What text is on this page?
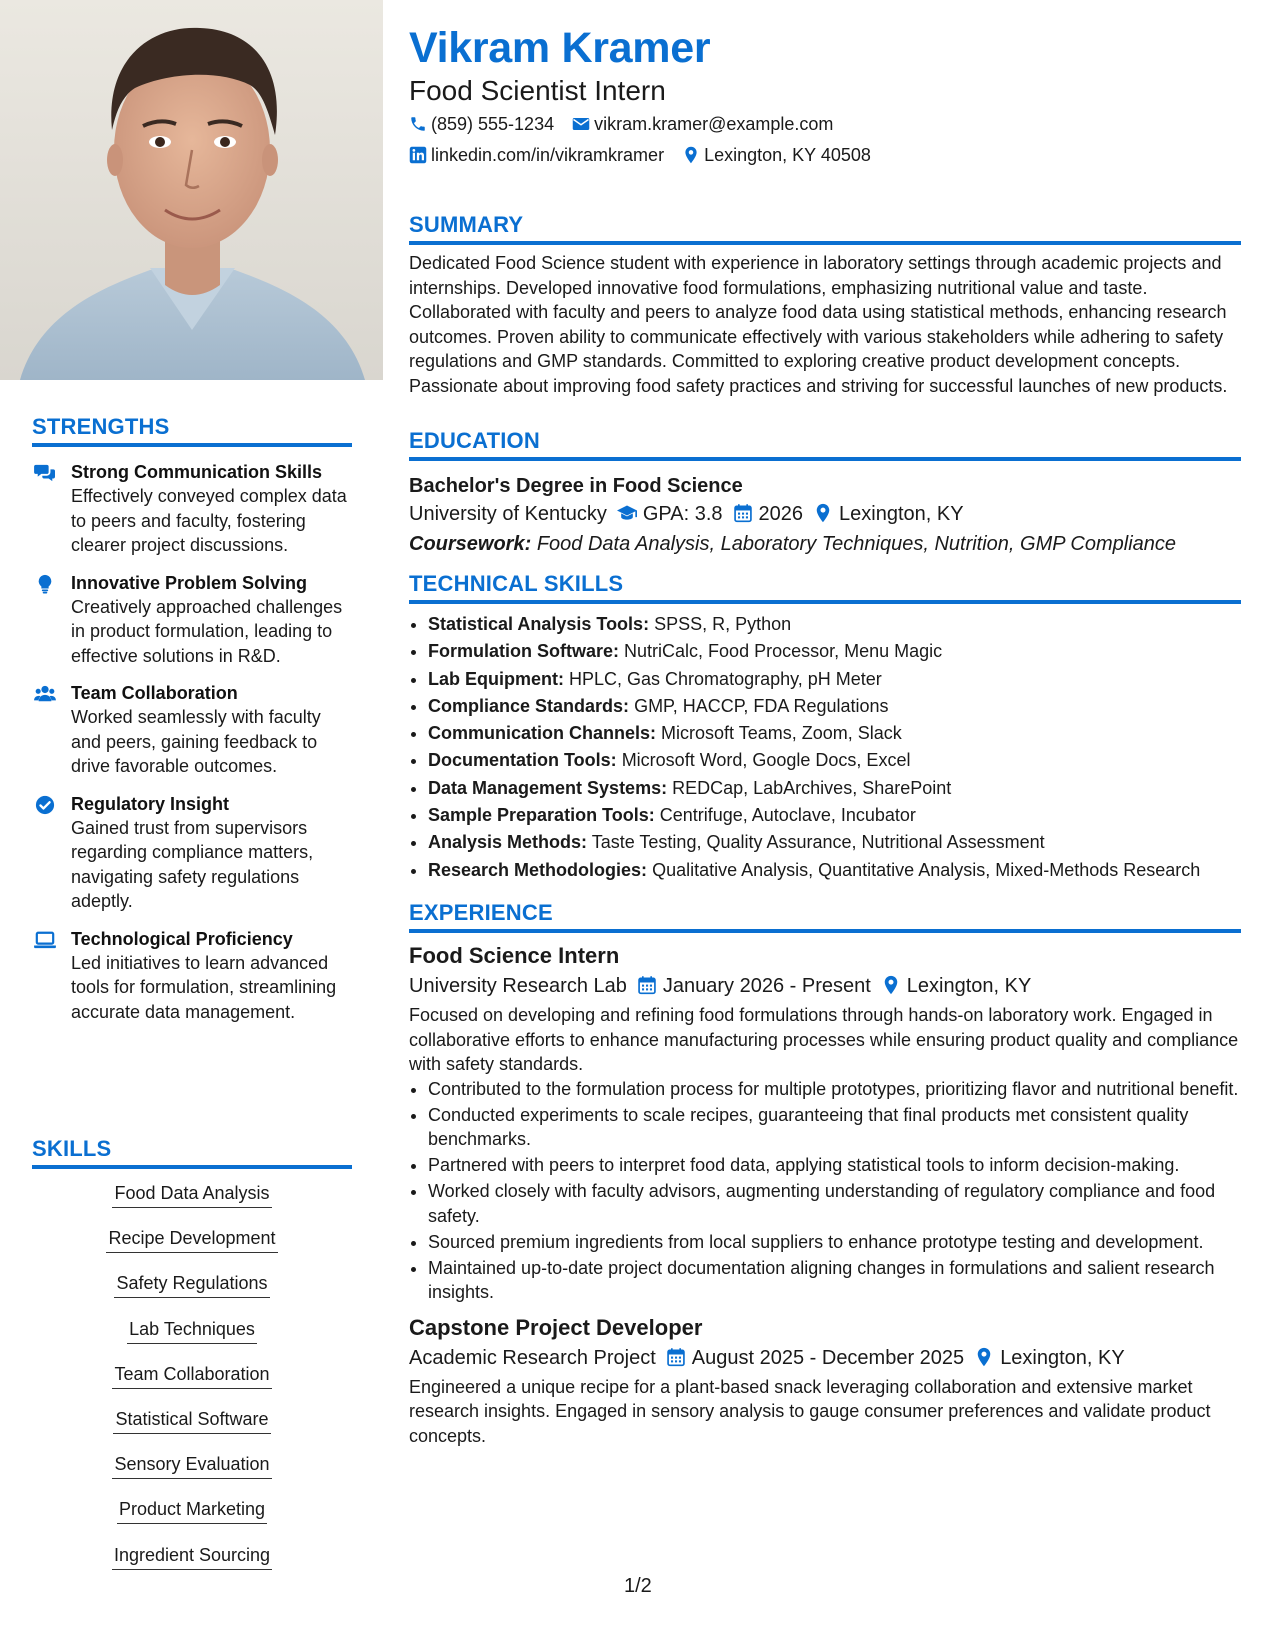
STRENGTHS
Strong Communication Skills
Effectively conveyed complex data to peers and faculty, fostering clearer project discussions.
Innovative Problem Solving
Creatively approached challenges in product formulation, leading to effective solutions in R&D.
Team Collaboration
Worked seamlessly with faculty and peers, gaining feedback to drive favorable outcomes.
Regulatory Insight
Gained trust from supervisors regarding compliance matters, navigating safety regulations adeptly.
Technological Proficiency
Led initiatives to learn advanced tools for formulation, streamlining accurate data management.
SKILLS
Food Data Analysis
Recipe Development
Safety Regulations
Lab Techniques
Team Collaboration
Statistical Software
Sensory Evaluation
Product Marketing
Ingredient Sourcing
Vikram Kramer
Food Scientist Intern
(859) 555-1234 vikram.kramer@example.com
linkedin.com/in/vikramkramer Lexington, KY 40508
SUMMARY
Dedicated Food Science student with experience in laboratory settings through academic projects and internships. Developed innovative food formulations, emphasizing nutritional value and taste. Collaborated with faculty and peers to analyze food data using statistical methods, enhancing research outcomes. Proven ability to communicate effectively with various stakeholders while adhering to safety regulations and GMP standards. Committed to exploring creative product development concepts. Passionate about improving food safety practices and striving for successful launches of new products.
EDUCATION
Bachelor's Degree in Food Science
University of Kentucky GPA: 3.8 2026 Lexington, KY
Coursework: Food Data Analysis, Laboratory Techniques, Nutrition, GMP Compliance
TECHNICAL SKILLS
• Statistical Analysis Tools: SPSS, R, Python
• Formulation Software: NutriCalc, Food Processor, Menu Magic
• Lab Equipment: HPLC, Gas Chromatography, pH Meter
• Compliance Standards: GMP, HACCP, FDA Regulations
• Communication Channels: Microsoft Teams, Zoom, Slack
• Documentation Tools: Microsoft Word, Google Docs, Excel
• Data Management Systems: REDCap, LabArchives, SharePoint
• Sample Preparation Tools: Centrifuge, Autoclave, Incubator
• Analysis Methods: Taste Testing, Quality Assurance, Nutritional Assessment
• Research Methodologies: Qualitative Analysis, Quantitative Analysis, Mixed-Methods Research
EXPERIENCE
Food Science Intern
University Research Lab January 2026 - Present Lexington, KY
Focused on developing and refining food formulations through hands-on laboratory work. Engaged in collaborative efforts to enhance manufacturing processes while ensuring product quality and compliance with safety standards.
• Contributed to the formulation process for multiple prototypes, prioritizing flavor and nutritional benefit.
• Conducted experiments to scale recipes, guaranteeing that final products met consistent quality benchmarks.
• Partnered with peers to interpret food data, applying statistical tools to inform decision-making.
• Worked closely with faculty advisors, augmenting understanding of regulatory compliance and food safety.
• Sourced premium ingredients from local suppliers to enhance prototype testing and development.
• Maintained up-to-date project documentation aligning changes in formulations and salient research insights.
Capstone Project Developer
Academic Research Project August 2025 - December 2025 Lexington, KY
Engineered a unique recipe for a plant-based snack leveraging collaboration and extensive market research insights. Engaged in sensory analysis to gauge consumer preferences and validate product concepts.
1/2
